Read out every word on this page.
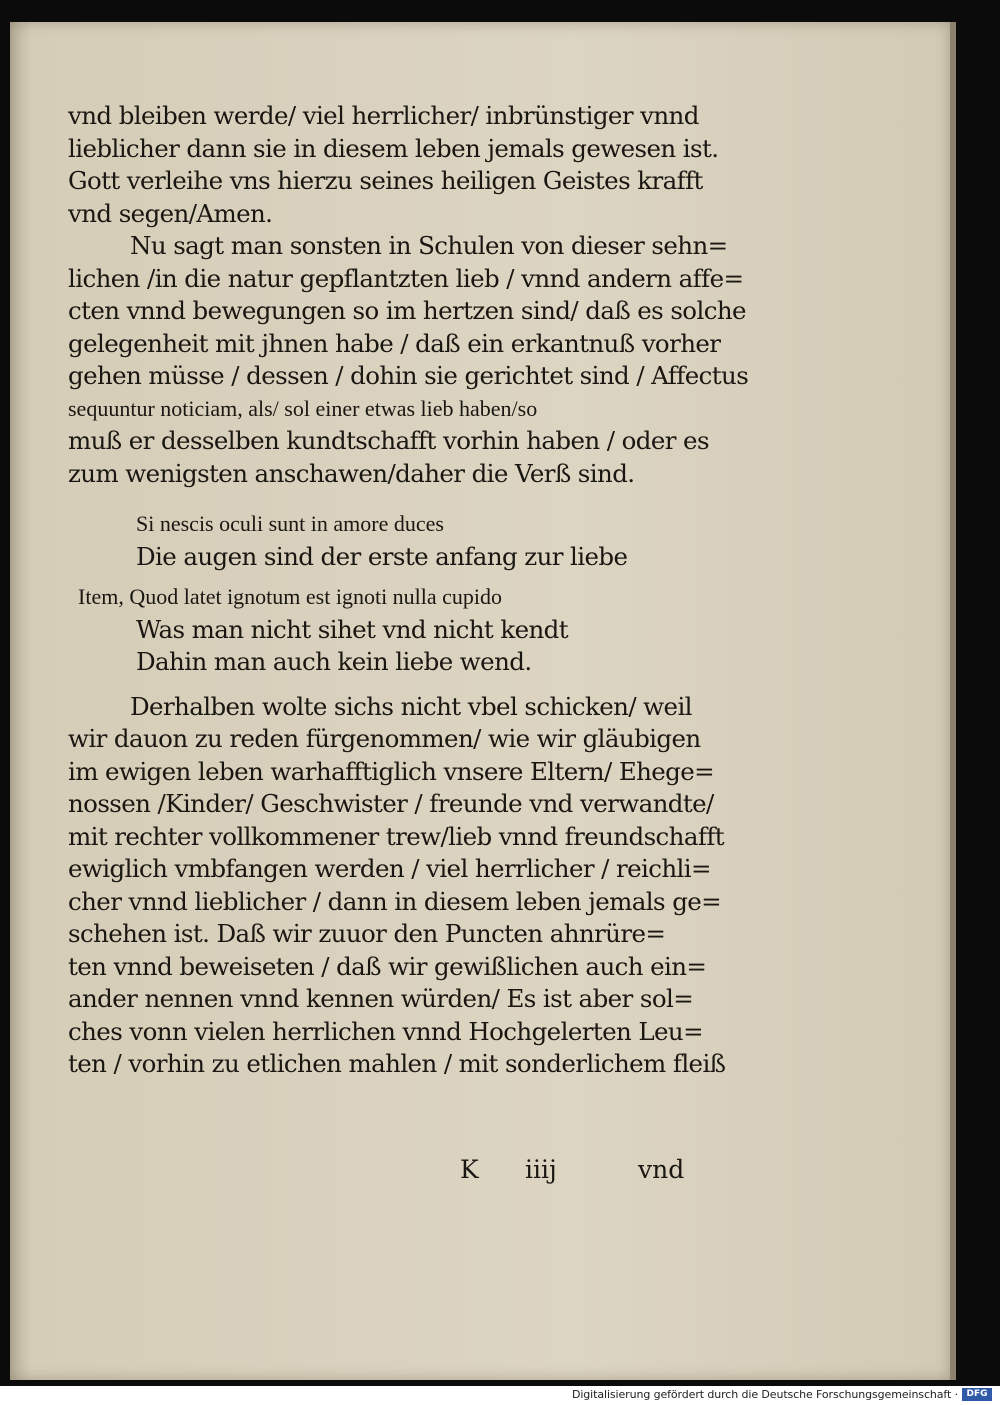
vnd bleiben werde/ viel herrlicher/ inbrünstiger vnnd
lieblicher dann sie in diesem leben jemals gewesen ist.
Gott verleihe vns hierzu seines heiligen Geistes krafft
vnd segen/Amen.
Nu sagt man sonsten in Schulen von dieser sehn=
lichen /in die natur gepflantzten lieb / vnnd andern affe=
cten vnnd bewegungen so im hertzen sind/ daß es solche
gelegenheit mit jhnen habe / daß ein erkantnuß vorher
gehen müsse / dessen / dohin sie gerichtet sind / Affectus
sequuntur noticiam, als/ sol einer etwas lieb haben/so
muß er desselben kundtschafft vorhin haben / oder es
zum wenigsten anschawen/daher die Verß sind.
Si nescis oculi sunt in amore duces
Die augen sind der erste anfang zur liebe
Item, Quod latet ignotum est ignoti nulla cupido
Was man nicht sihet vnd nicht kendt
Dahin man auch kein liebe wend.
Derhalben wolte sichs nicht vbel schicken/ weil
wir dauon zu reden fürgenommen/ wie wir gläubigen
im ewigen leben warhafftiglich vnsere Eltern/ Ehege=
nossen /Kinder/ Geschwister / freunde vnd verwandte/
mit rechter vollkommener trew/lieb vnnd freundschafft
ewiglich vmbfangen werden / viel herrlicher / reichli=
cher vnnd lieblicher / dann in diesem leben jemals ge=
schehen ist. Daß wir zuuor den Puncten ahnrüre=
ten vnnd beweiseten / daß wir gewißlichen auch ein=
ander nennen vnnd kennen würden/ Es ist aber sol=
ches vonn vielen herrlichen vnnd Hochgelerten Leu=
ten / vorhin zu etlichen mahlen / mit sonderlichem fleiß
K iiij	vnd
Digitalisierung gefördert durch die Deutsche Forschungsgemeinschaft · DFG
